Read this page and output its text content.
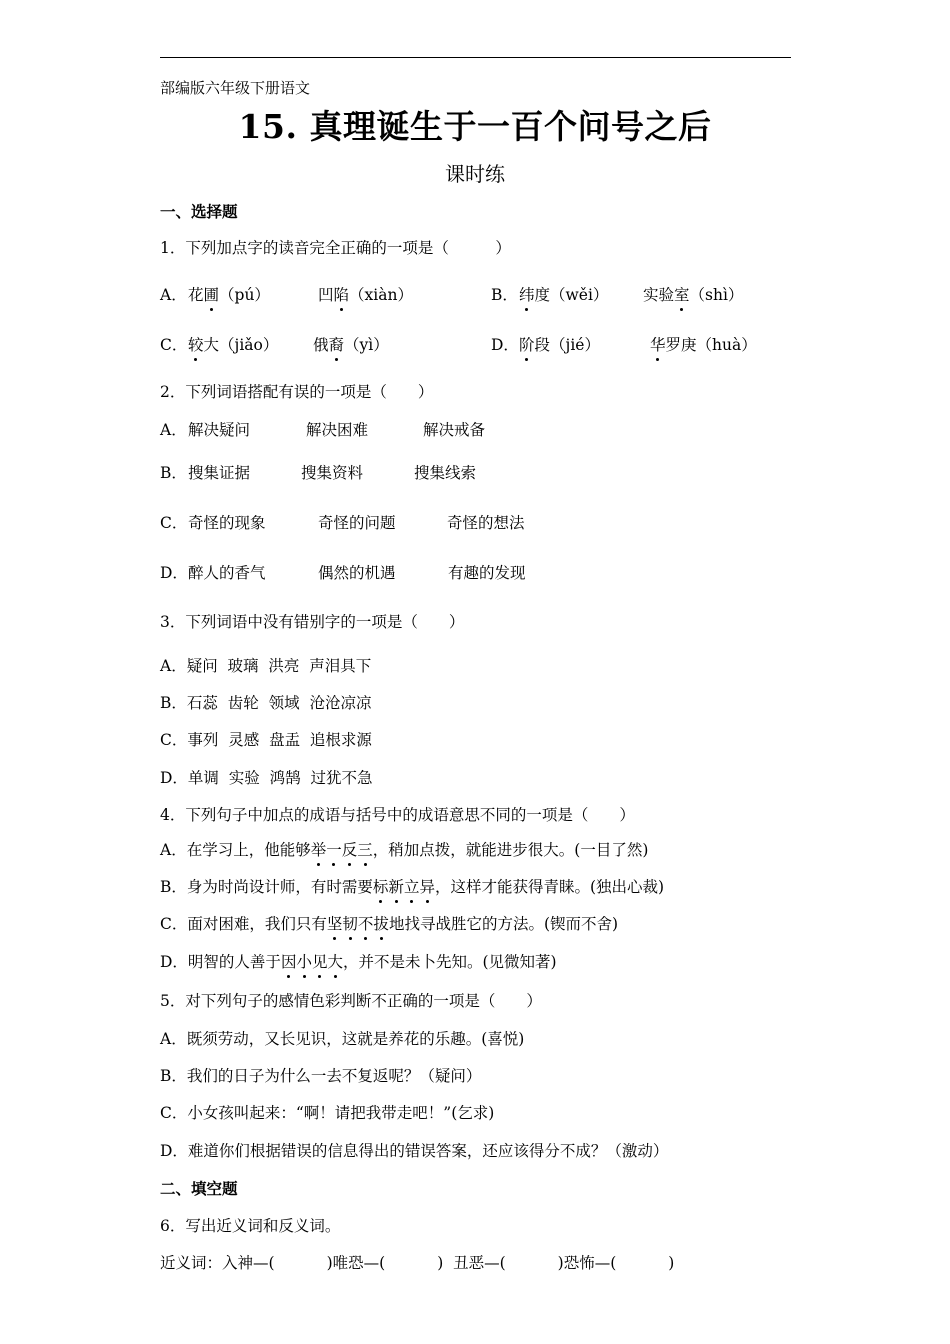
部编版六年级下册语文
15. 真理诞生于一百个问号之后
课时练
一、选择题
1．下列加点字的读音完全正确的一项是（　　　）
A． 花圃（pú）	凹陷（xiàn）	B． 纬度（wěi） 实验室（shì）
C． 较大（jiǎo） 俄裔（yì）	D． 阶段（jié）	华罗庚（huà）
2．下列词语搭配有误的一项是（　　）
A． 解决疑问	解决困难	解决戒备
B． 搜集证据	搜集资料	搜集线索
C． 奇怪的现象	奇怪的问题	奇怪的想法
D． 醉人的香气	偶然的机遇	有趣的发现
3．下列词语中没有错别字的一项是（　　）
A．疑问  玻璃  洪亮  声泪具下
B．石蕊  齿轮  领域  沧沧凉凉
C．事列  灵感  盘盂  追根求源
D．单调  实验  鸿鹄  过犹不急
4．下列句子中加点的成语与括号中的成语意思不同的一项是（　　）
A．在学习上，他能够举一反三，稍加点拨，就能进步很大。(一目了然)
B．身为时尚设计师，有时需要标新立异，这样才能获得青睐。(独出心裁)
C．面对困难，我们只有坚韧不拔地找寻战胜它的方法。(锲而不舍)
D．明智的人善于因小见大，并不是未卜先知。(见微知著)
5．对下列句子的感情色彩判断不正确的一项是（　　）
A．既须劳动，又长见识，这就是养花的乐趣。(喜悦)
B．我们的日子为什么一去不复返呢？（疑问）
C．小女孩叫起来：“啊！请把我带走吧！”(乞求)
D．难道你们根据错误的信息得出的错误答案，还应该得分不成？（激动）
二、填空题
6．写出近义词和反义词。
近义词：入神—(	)唯恐—(	)  丑恶—(	)恐怖—(	)
